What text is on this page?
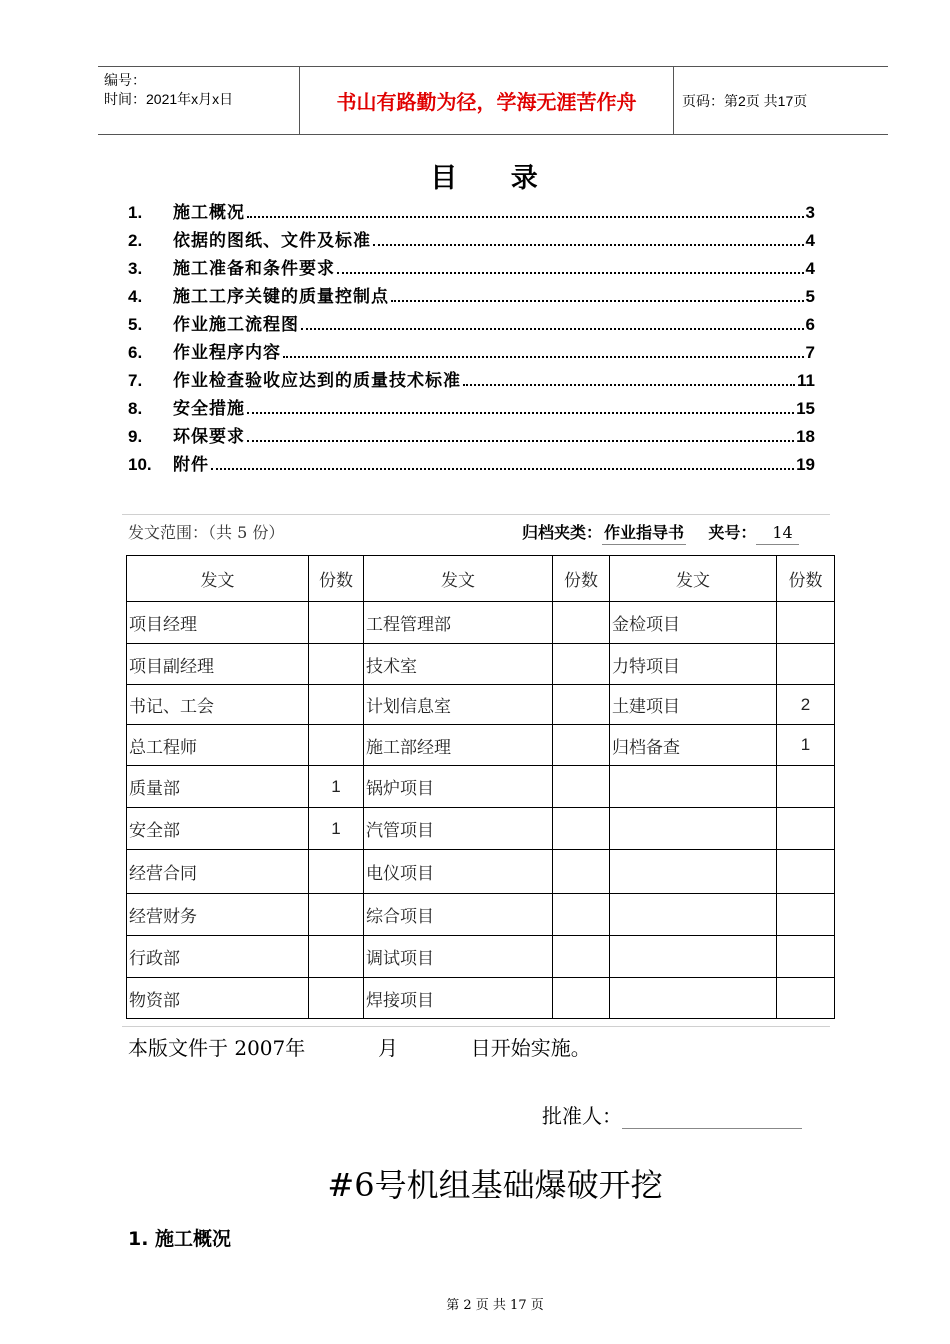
编号：
时间：2021年x月x日	书山有路勤为径，学海无涯苦作舟	页码：第2页 共17页
目 录
1.	施工概况	3
2.	依据的图纸、文件及标准	4
3.	施工准备和条件要求	4
4.	施工工序关键的质量控制点	5
5.	作业施工流程图	6
6.	作业程序内容	7
7.	作业检查验收应达到的质量技术标准	11
8.	安全措施	15
9.	环保要求	18
10.	附件	19
发文范围：（共 5 份）	归档夹类： 作业指导书 夹号： 14
发文	份数	发文	份数	发文	份数
项目经理		工程管理部		金检项目	
项目副经理		技术室		力特项目	
书记、工会		计划信息室		土建项目	2
总工程师		施工部经理		归档备查	1
质量部	1	锅炉项目			
安全部	1	汽管项目			
经营合同		电仪项目			
经营财务		综合项目			
行政部		调试项目			
物资部		焊接项目			
本版文件于 2007年	月	日开始实施。
批准人：
#6号机组基础爆破开挖
1. 施工概况
第 2 页 共 17 页
